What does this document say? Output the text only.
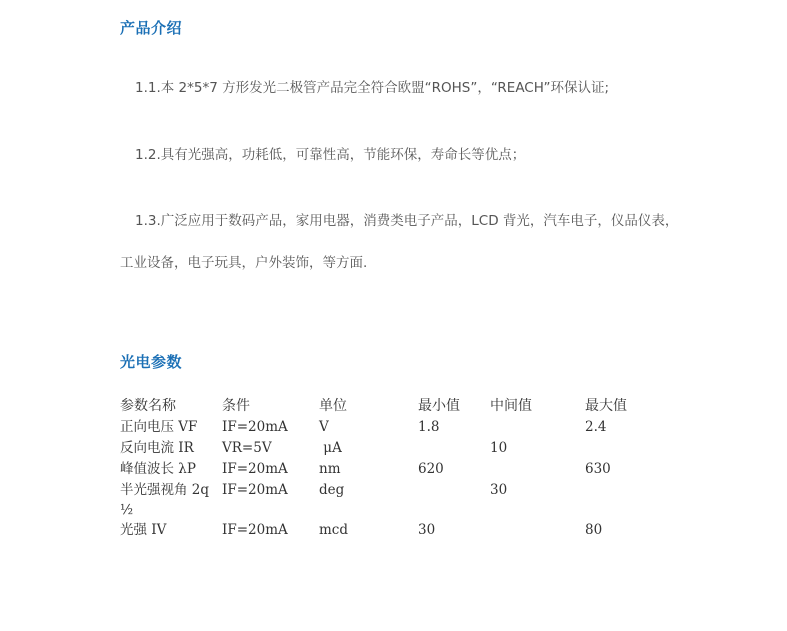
产品介绍

1.1.本 2*5*7 方形发光二极管产品完全符合欧盟“ROHS”，“REACH”环保认证;

1.2.具有光强高，功耗低，可靠性高，节能环保，寿命长等优点；

1.3.广泛应用于数码产品，家用电器，消费类电子产品，LCD 背光，汽车电子，仪品仪表，

工业设备，电子玩具，户外装饰，等方面.

光电参数
参数名称	条件	单位	最小值	中间值	最大值
正向电压 VF	IF=20mA	V	1.8		2.4
反向电流 IR	VR=5V	μA		10	
峰值波长 λP	IF=20mA	nm	620		630
半光强视角 2q½	IF=20mA	deg		30	
光强 IV	IF=20mA	mcd	30		80
